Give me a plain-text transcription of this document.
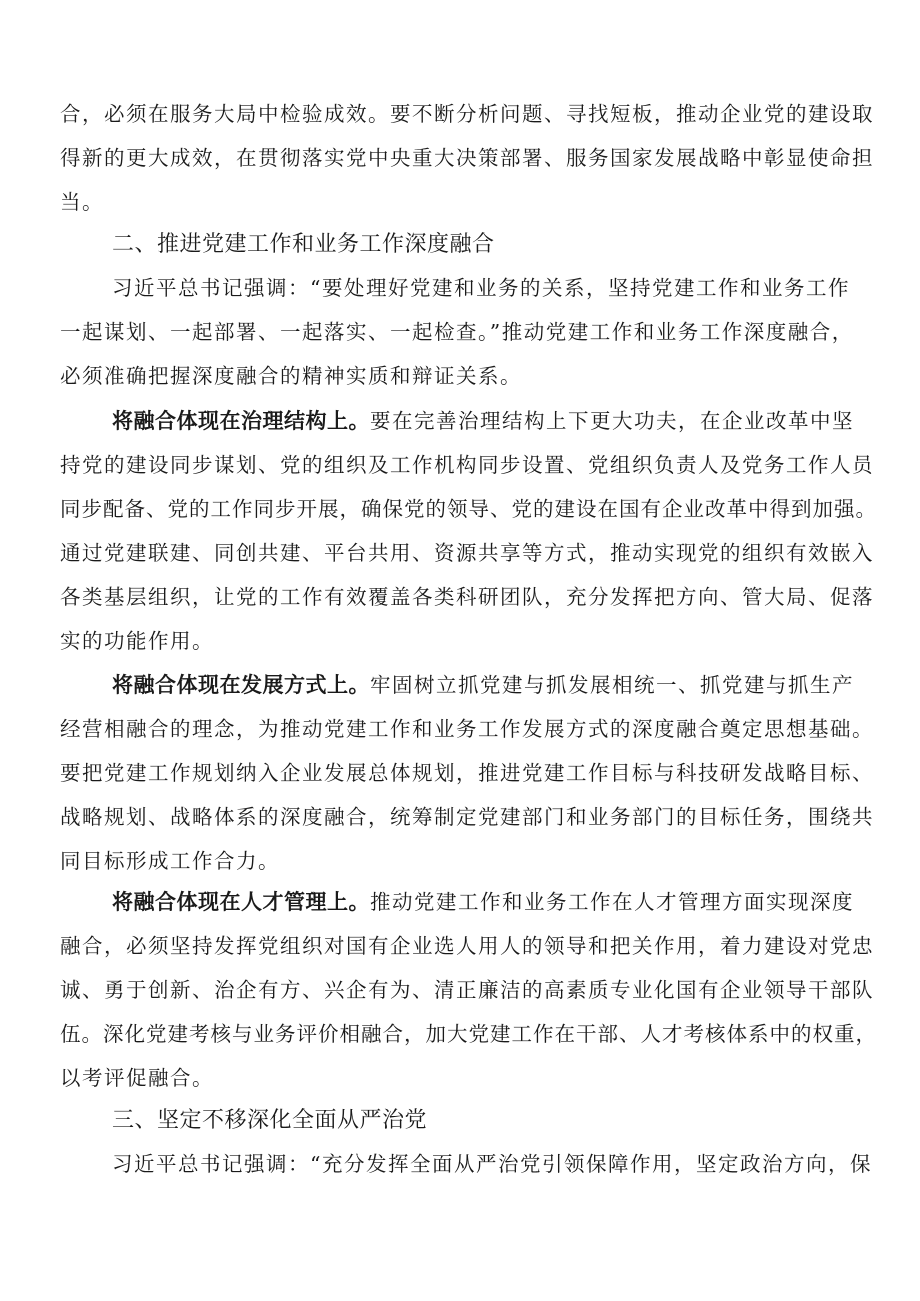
合，必须在服务大局中检验成效。要不断分析问题、寻找短板，推动企业党的建设取
得新的更大成效，在贯彻落实党中央重大决策部署、服务国家发展战略中彰显使命担
当。
二、推进党建工作和业务工作深度融合
习近平总书记强调：“要处理好党建和业务的关系，坚持党建工作和业务工作
一起谋划、一起部署、一起落实、一起检查。”推动党建工作和业务工作深度融合，
必须准确把握深度融合的精神实质和辩证关系。
将融合体现在治理结构上。要在完善治理结构上下更大功夫，在企业改革中坚
持党的建设同步谋划、党的组织及工作机构同步设置、党组织负责人及党务工作人员
同步配备、党的工作同步开展，确保党的领导、党的建设在国有企业改革中得到加强。
通过党建联建、同创共建、平台共用、资源共享等方式，推动实现党的组织有效嵌入
各类基层组织，让党的工作有效覆盖各类科研团队，充分发挥把方向、管大局、促落
实的功能作用。
将融合体现在发展方式上。牢固树立抓党建与抓发展相统一、抓党建与抓生产
经营相融合的理念，为推动党建工作和业务工作发展方式的深度融合奠定思想基础。
要把党建工作规划纳入企业发展总体规划，推进党建工作目标与科技研发战略目标、
战略规划、战略体系的深度融合，统筹制定党建部门和业务部门的目标任务，围绕共
同目标形成工作合力。
将融合体现在人才管理上。推动党建工作和业务工作在人才管理方面实现深度
融合，必须坚持发挥党组织对国有企业选人用人的领导和把关作用，着力建设对党忠
诚、勇于创新、治企有方、兴企有为、清正廉洁的高素质专业化国有企业领导干部队
伍。深化党建考核与业务评价相融合，加大党建工作在干部、人才考核体系中的权重，
以考评促融合。
三、坚定不移深化全面从严治党
习近平总书记强调：“充分发挥全面从严治党引领保障作用，坚定政治方向，保
